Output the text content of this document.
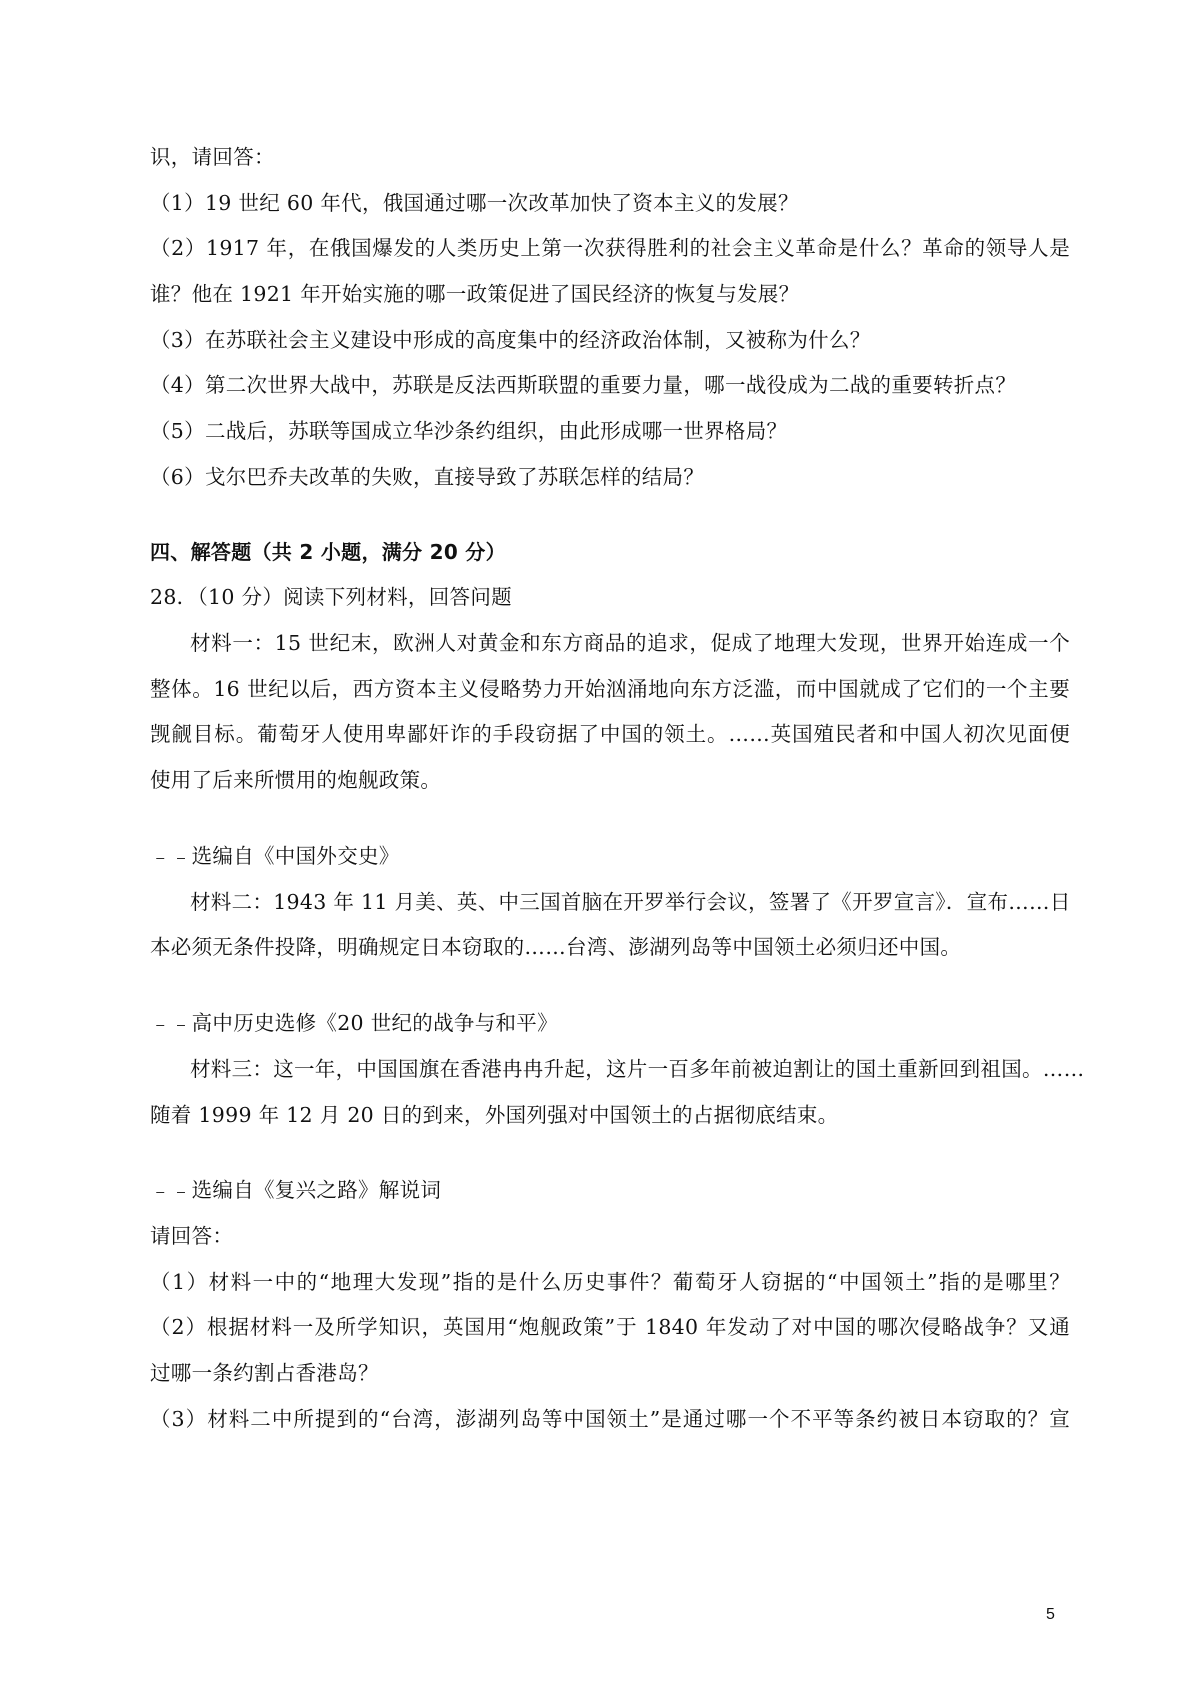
识，请回答：
（1）19 世纪 60 年代，俄国通过哪一次改革加快了资本主义的发展？
（2）1917 年，在俄国爆发的人类历史上第一次获得胜利的社会主义革命是什么？革命的领导人是
谁？他在 1921 年开始实施的哪一政策促进了国民经济的恢复与发展？
（3）在苏联社会主义建设中形成的高度集中的经济政治体制，又被称为什么？
（4）第二次世界大战中，苏联是反法西斯联盟的重要力量，哪一战役成为二战的重要转折点？
（5）二战后，苏联等国成立华沙条约组织，由此形成哪一世界格局？
（6）戈尔巴乔夫改革的失败，直接导致了苏联怎样的结局？
四、解答题（共 2 小题，满分 20 分）
28．（10 分）阅读下列材料，回答问题
材料一：15 世纪末，欧洲人对黄金和东方商品的追求，促成了地理大发现，世界开始连成一个
整体。16 世纪以后，西方资本主义侵略势力开始汹涌地向东方泛滥，而中国就成了它们的一个主要
觊觎目标。葡萄牙人使用卑鄙奸诈的手段窃据了中国的领土。……英国殖民者和中国人初次见面便
使用了后来所惯用的炮舰政策。
﹣﹣选编自《中国外交史》
材料二：1943 年 11 月美、英、中三国首脑在开罗举行会议，签署了《开罗宣言》．宣布……日
本必须无条件投降，明确规定日本窃取的……台湾、澎湖列岛等中国领土必须归还中国。
﹣﹣高中历史选修《20 世纪的战争与和平》
材料三：这一年，中国国旗在香港冉冉升起，这片一百多年前被迫割让的国土重新回到祖国。……
随着 1999 年 12 月 20 日的到来，外国列强对中国领土的占据彻底结束。
﹣﹣选编自《复兴之路》解说词
请回答：
（1）材料一中的“地理大发现”指的是什么历史事件？葡萄牙人窃据的“中国领土”指的是哪里？
（2）根据材料一及所学知识，英国用“炮舰政策”于 1840 年发动了对中国的哪次侵略战争？又通
过哪一条约割占香港岛？
（3）材料二中所提到的“台湾，澎湖列岛等中国领土”是通过哪一个不平等条约被日本窃取的？宣
5
